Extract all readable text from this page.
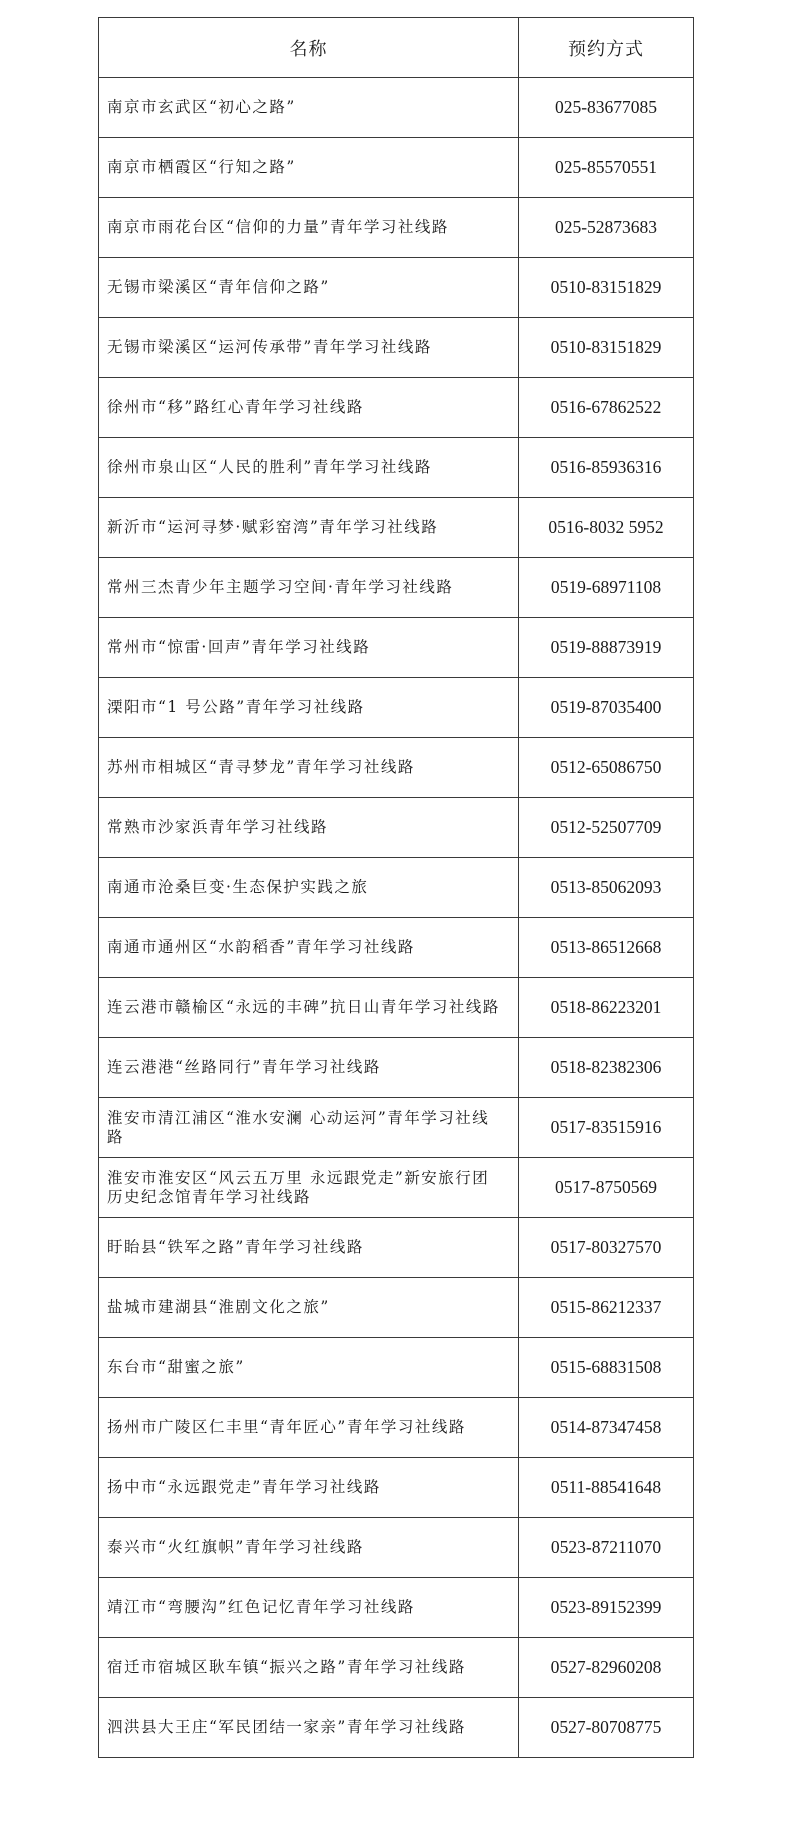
名称	预约方式
南京市玄武区“初心之路”	025-83677085
南京市栖霞区“行知之路”	025-85570551
南京市雨花台区“信仰的力量”青年学习社线路	025-52873683
无锡市梁溪区“青年信仰之路”	0510-83151829
无锡市梁溪区“运河传承带”青年学习社线路	0510-83151829
徐州市“移”路红心青年学习社线路	0516-67862522
徐州市泉山区“人民的胜利”青年学习社线路	0516-85936316
新沂市“运河寻梦·赋彩窑湾”青年学习社线路	0516-8032 5952
常州三杰青少年主题学习空间·青年学习社线路	0519-68971108
常州市“惊雷·回声”青年学习社线路	0519-88873919
溧阳市“1 号公路”青年学习社线路	0519-87035400
苏州市相城区“青寻梦龙”青年学习社线路	0512-65086750
常熟市沙家浜青年学习社线路	0512-52507709
南通市沧桑巨变·生态保护实践之旅	0513-85062093
南通市通州区“水韵稻香”青年学习社线路	0513-86512668
连云港市赣榆区“永远的丰碑”抗日山青年学习社线路	0518-86223201
连云港港“丝路同行”青年学习社线路	0518-82382306
淮安市清江浦区“淮水安澜 心动运河”青年学习社线路	0517-83515916
淮安市淮安区“风云五万里 永远跟党走”新安旅行团历史纪念馆青年学习社线路	0517-8750569
盱眙县“铁军之路”青年学习社线路	0517-80327570
盐城市建湖县“淮剧文化之旅”	0515-86212337
东台市“甜蜜之旅”	0515-68831508
扬州市广陵区仁丰里“青年匠心”青年学习社线路	0514-87347458
扬中市“永远跟党走”青年学习社线路	0511-88541648
泰兴市“火红旗帜”青年学习社线路	0523-87211070
靖江市“弯腰沟”红色记忆青年学习社线路	0523-89152399
宿迁市宿城区耿车镇“振兴之路”青年学习社线路	0527-82960208
泗洪县大王庄“军民团结一家亲”青年学习社线路	0527-80708775
